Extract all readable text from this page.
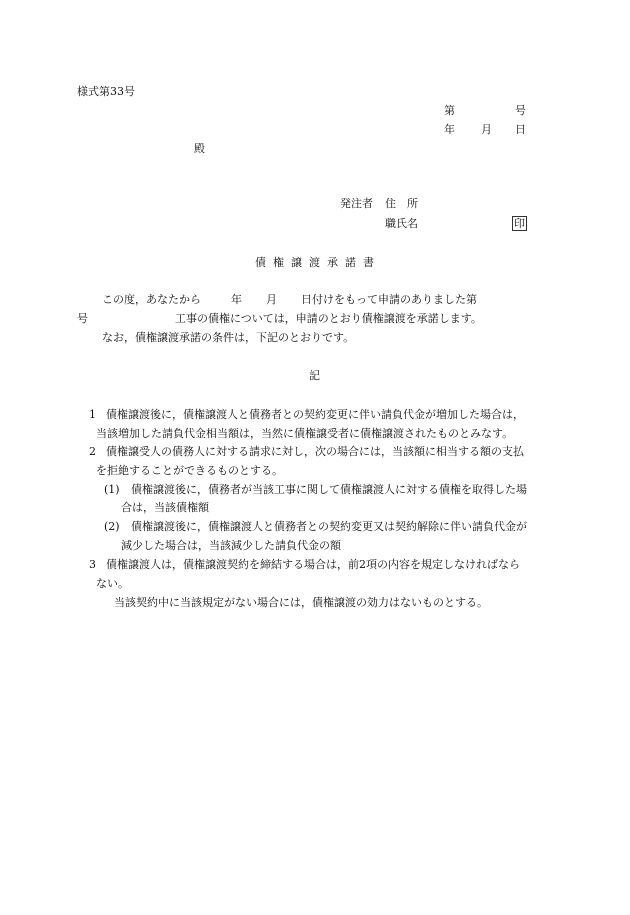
様式第33号
第	号
年 月 日
殿
発注者 住　所
職氏名	印
債権譲渡承諾書
この度，あなたから	年 月 日付けをもって申請のありました第
号	工事の債権については，申請のとおり債権譲渡を承諾します。
なお，債権譲渡承諾の条件は，下記のとおりです。
記
1 債権譲渡後に，債権譲渡人と債務者との契約変更に伴い請負代金が増加した場合は，
当該増加した請負代金相当額は，当然に債権譲受者に債権譲渡されたものとみなす。
2 債権譲受人の債務人に対する請求に対し，次の場合には，当該額に相当する額の支払
を拒絶することができるものとする。
(1) 債権譲渡後に，債務者が当該工事に関して債権譲渡人に対する債権を取得した場
合は，当該債権額
(2) 債権譲渡後に，債権譲渡人と債務者との契約変更又は契約解除に伴い請負代金が
減少した場合は，当該減少した請負代金の額
3 債権譲渡人は，債権譲渡契約を締結する場合は，前2項の内容を規定しなければなら
ない。
当該契約中に当該規定がない場合には，債権譲渡の効力はないものとする。
